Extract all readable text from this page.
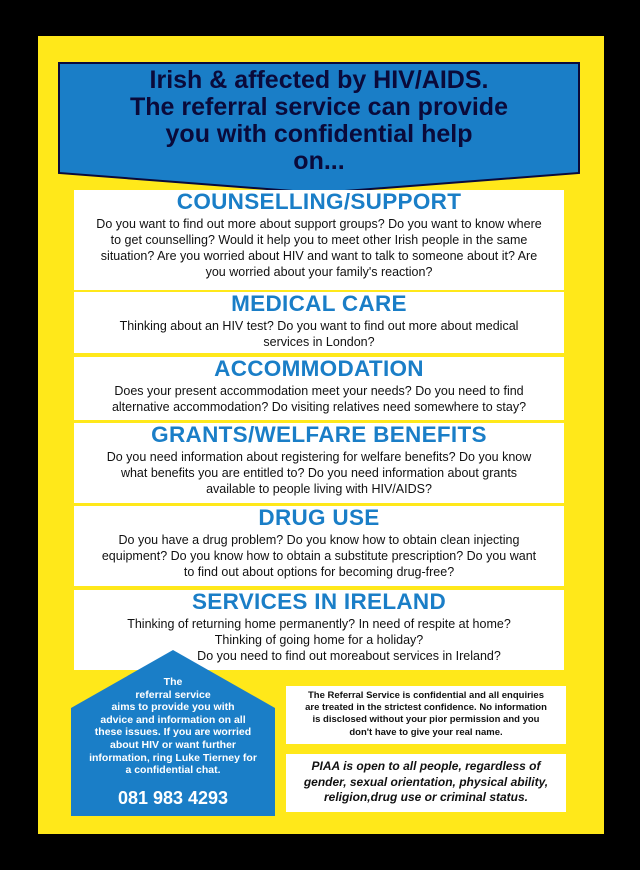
Irish & affected by HIV/AIDS.
The referral service can provide
you with confidential help
on...
COUNSELLING/SUPPORT

Do you want to find out more about support groups? Do you want to know where
to get counselling? Would it help you to meet other Irish people in the same
situation? Are you worried about HIV and want to talk to someone about it? Are
you worried about your family's reaction?

MEDICAL CARE

Thinking about an HIV test? Do you want to find out more about medical
services in London?

ACCOMMODATION

Does your present accommodation meet your needs? Do you need to find
alternative accommodation? Do visiting relatives need somewhere to stay?

GRANTS/WELFARE BENEFITS

Do you need information about registering for welfare benefits? Do you know
what benefits you are entitled to? Do you need information about grants
available to people living with HIV/AIDS?

DRUG USE

Do you have a drug problem? Do you know how to obtain clean injecting
equipment? Do you know how to obtain a substitute prescription? Do you want
to find out about options for becoming drug-free?

SERVICES IN IRELAND

Thinking of returning home permanently? In need of respite at home?
Thinking of going home for a holiday?
Do you need to find out moreabout services in Ireland?

The
referral service
aims to provide you with
advice and information on all
these issues. If you are worried
about HIV or want further
information, ring Luke Tierney for
a confidential chat.
081 983 4293
The Referral Service is confidential and all enquiries
are treated in the strictest confidence. No information
is disclosed without your pior permission and you
don't have to give your real name.
PIAA is open to all people, regardless of
gender, sexual orientation, physical ability,
religion,drug use or criminal status.
